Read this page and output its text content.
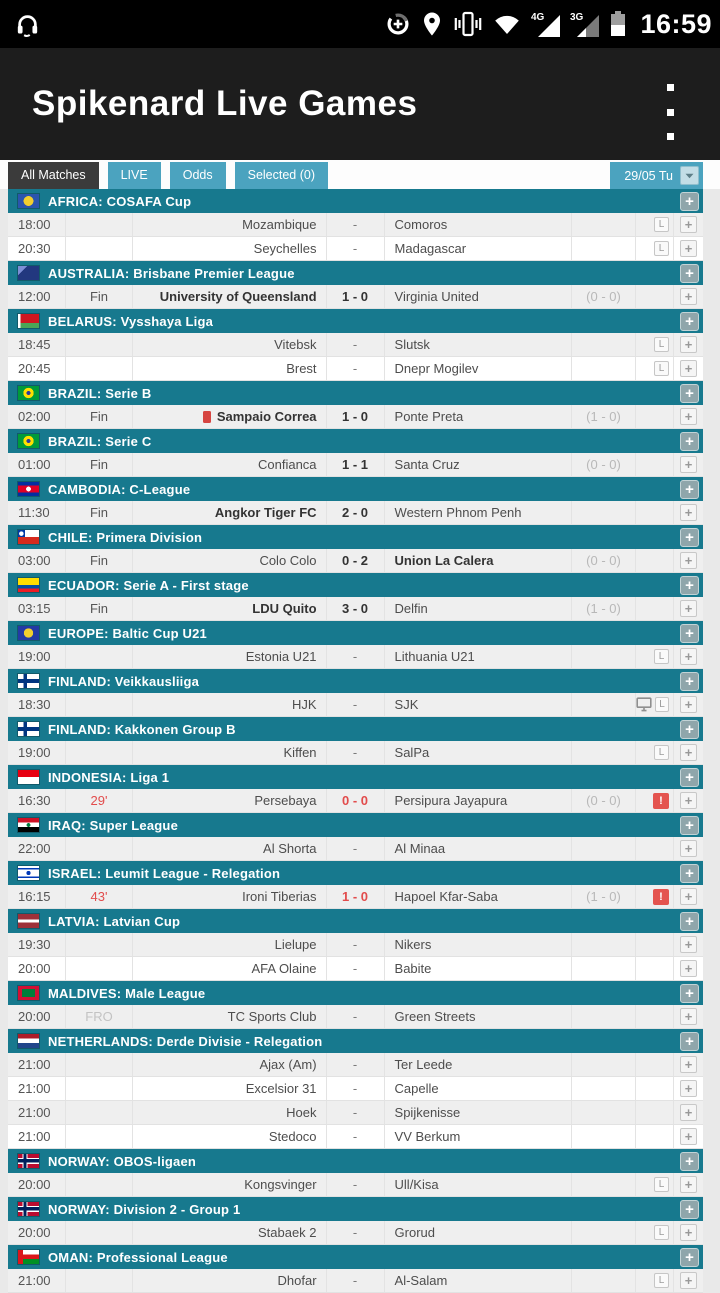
4G	3G 16:59
Spikenard Live Games
All Matches	LIVE	Odds	Selected (0)	29/05 Tu
AFRICA: COSAFA Cup	+
18:00	Mozambique	-	Comoros	L	+
20:30	Seychelles	-	Madagascar	L	+
AUSTRALIA: Brisbane Premier League	+
12:00	Fin	University of Queensland	1 - 0	Virginia United	(0 - 0)	+
BELARUS: Vysshaya Liga	+
18:45	Vitebsk	-	Slutsk	L	+
20:45	Brest	-	Dnepr Mogilev	L	+
BRAZIL: Serie B	+
02:00	Fin	Sampaio Correa	1 - 0	Ponte Preta	(1 - 0)	+
BRAZIL: Serie C	+
01:00	Fin	Confianca	1 - 1	Santa Cruz	(0 - 0)	+
CAMBODIA: C-League	+
11:30	Fin	Angkor Tiger FC	2 - 0	Western Phnom Penh	+
CHILE: Primera Division	+
03:00	Fin	Colo Colo	0 - 2	Union La Calera	(0 - 0)	+
ECUADOR: Serie A - First stage	+
03:15	Fin	LDU Quito	3 - 0	Delfin	(1 - 0)	+
EUROPE: Baltic Cup U21	+
19:00	Estonia U21	-	Lithuania U21	L	+
FINLAND: Veikkausliiga	+
18:30	HJK	-	SJK	L	+
FINLAND: Kakkonen Group B	+
19:00	Kiffen	-	SalPa	L	+
INDONESIA: Liga 1	+
16:30	29'	Persebaya	0 - 0	Persipura Jayapura	(0 - 0)	!	+
IRAQ: Super League	+
22:00	Al Shorta	-	Al Minaa	+
ISRAEL: Leumit League - Relegation	+
16:15	43'	Ironi Tiberias	1 - 0	Hapoel Kfar-Saba	(1 - 0)	!	+
LATVIA: Latvian Cup	+
19:30	Lielupe	-	Nikers	+
20:00	AFA Olaine	-	Babite	+
MALDIVES: Male League	+
20:00	FRO	TC Sports Club	-	Green Streets	+
NETHERLANDS: Derde Divisie - Relegation	+
21:00	Ajax (Am)	-	Ter Leede	+
21:00	Excelsior 31	-	Capelle	+
21:00	Hoek	-	Spijkenisse	+
21:00	Stedoco	-	VV Berkum	+
NORWAY: OBOS-ligaen	+
20:00	Kongsvinger	-	Ull/Kisa	L	+
NORWAY: Division 2 - Group 1	+
20:00	Stabaek 2	-	Grorud	L	+
OMAN: Professional League	+
21:00	Dhofar	-	Al-Salam	L	+
